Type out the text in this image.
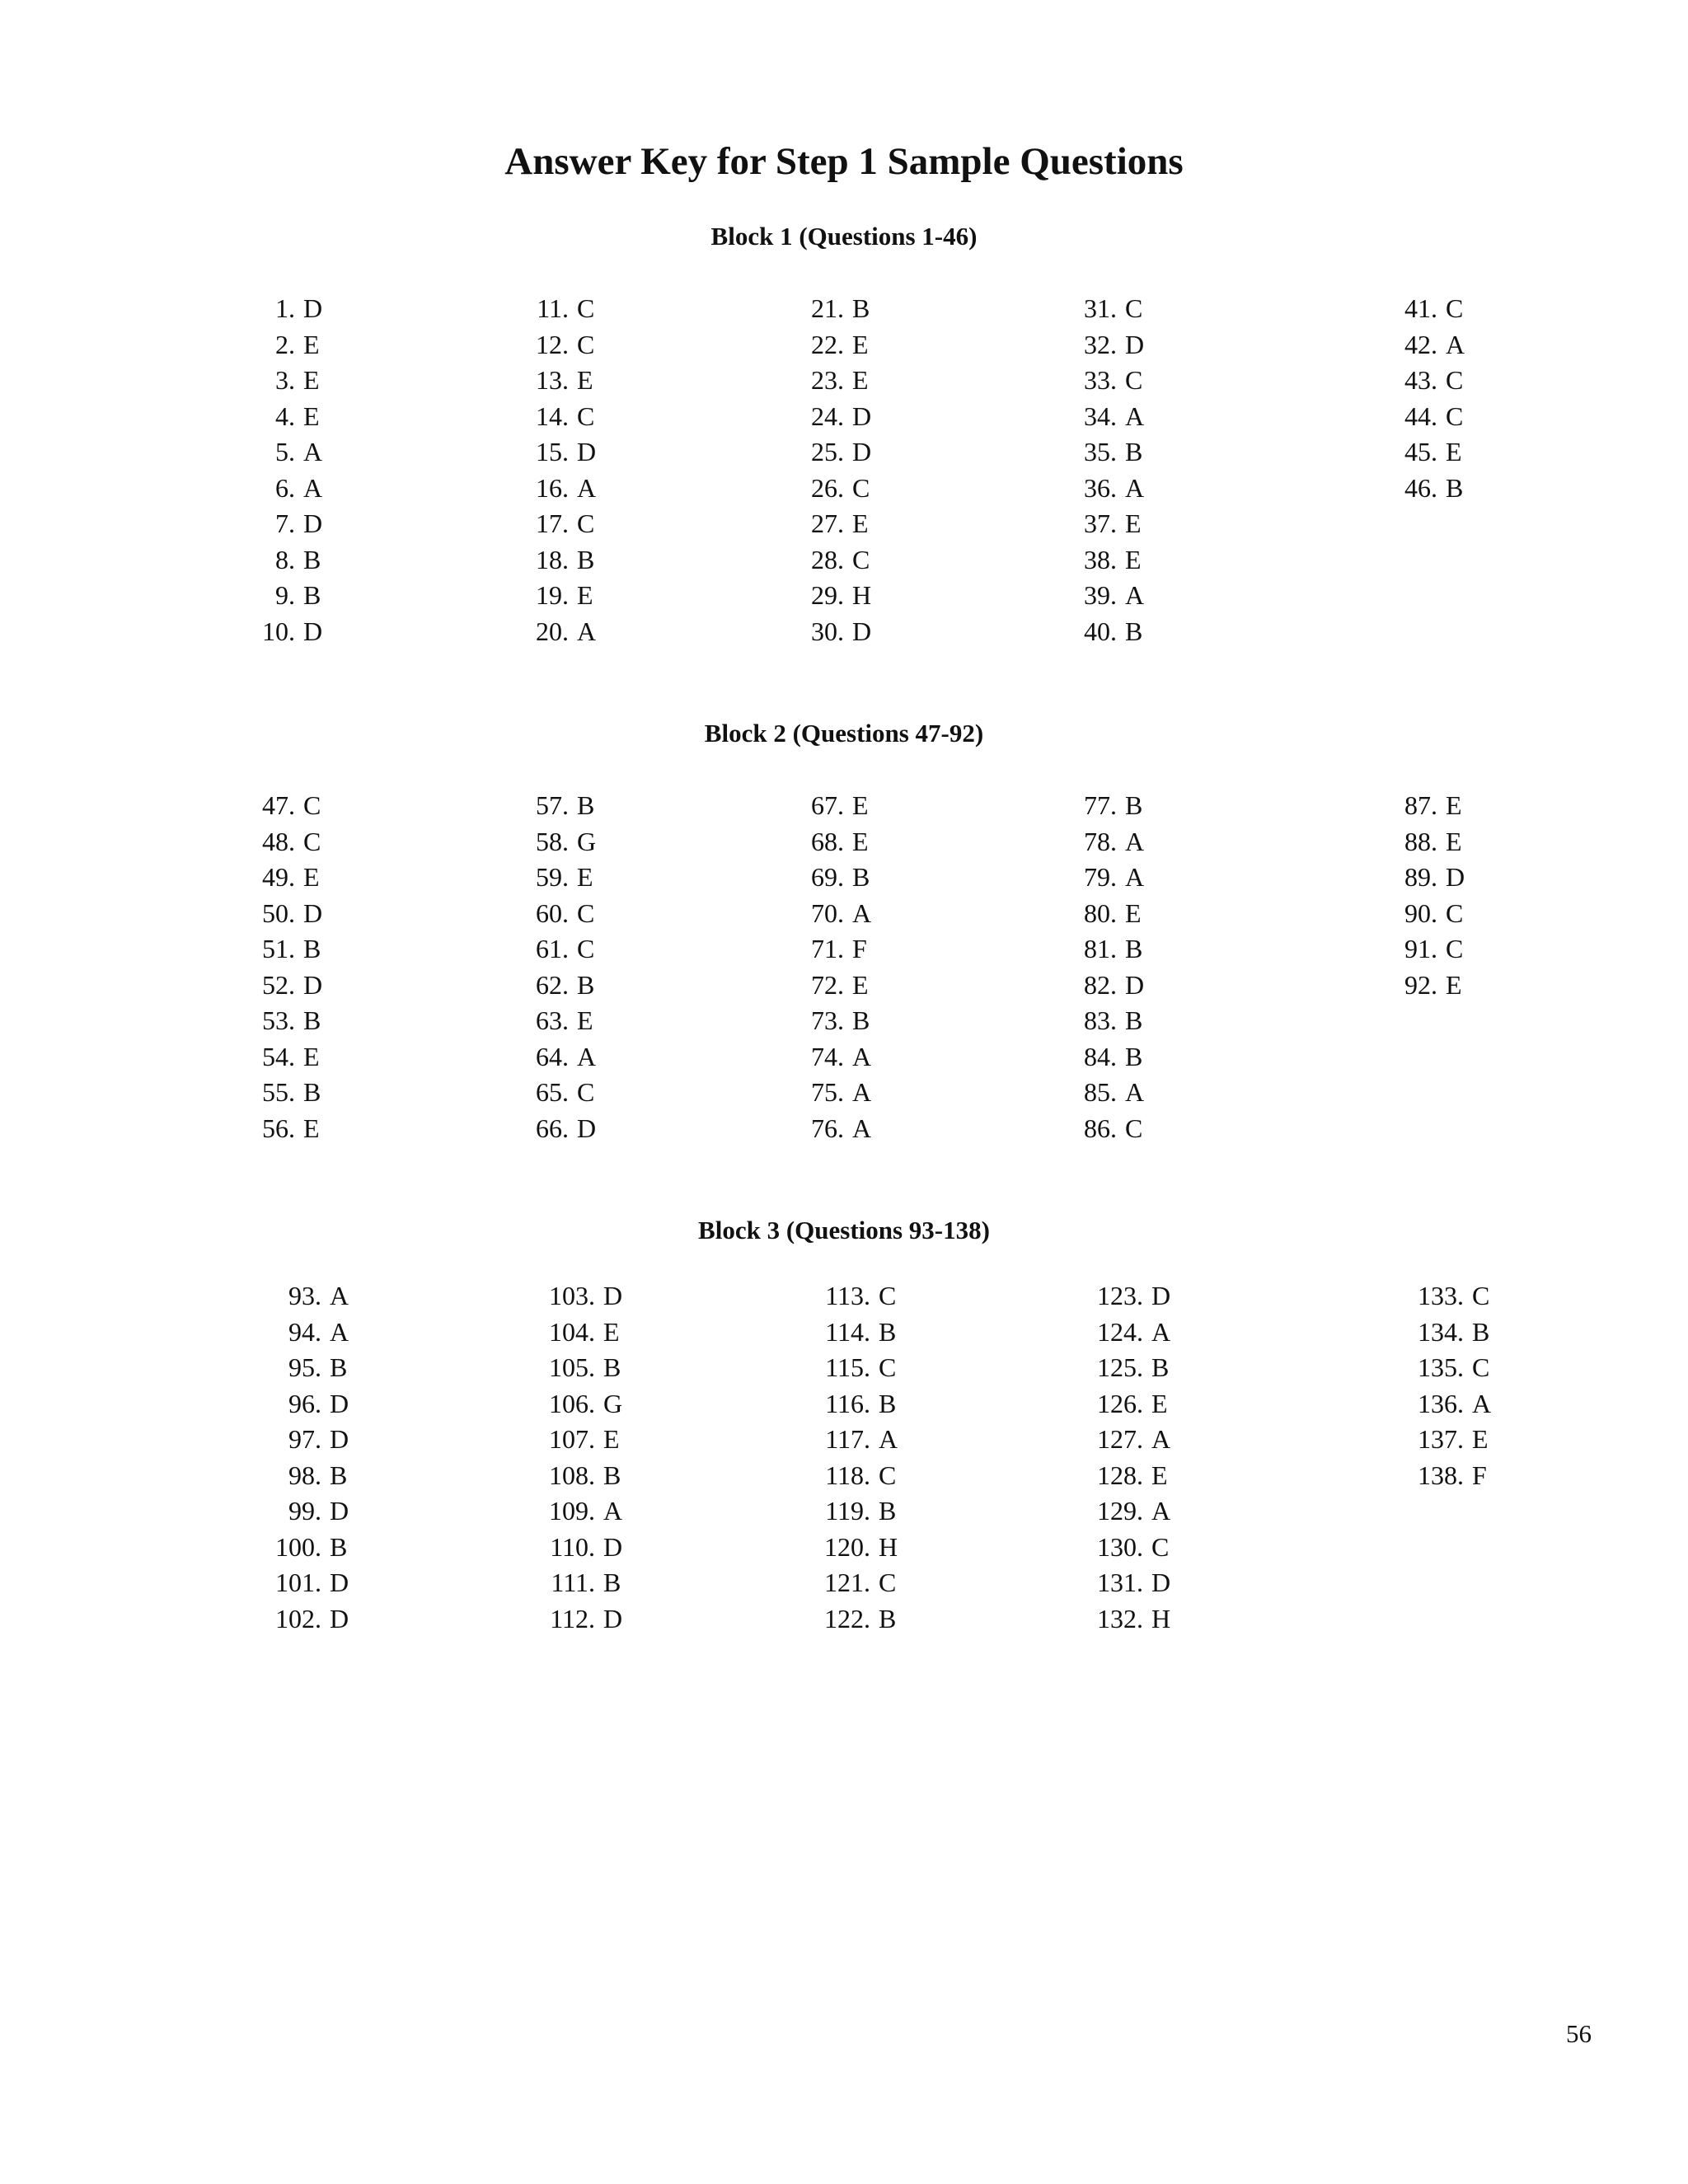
Answer Key for Step 1 Sample Questions
Block 1 (Questions 1-46)
1. D
2. E
3. E
4. E
5. A
6. A
7. D
8. B
9. B
10. D
11. C
12. C
13. E
14. C
15. D
16. A
17. C
18. B
19. E
20. A
21. B
22. E
23. E
24. D
25. D
26. C
27. E
28. C
29. H
30. D
31. C
32. D
33. C
34. A
35. B
36. A
37. E
38. E
39. A
40. B
41. C
42. A
43. C
44. C
45. E
46. B
Block 2 (Questions 47-92)
47. C
48. C
49. E
50. D
51. B
52. D
53. B
54. E
55. B
56. E
57. B
58. G
59. E
60. C
61. C
62. B
63. E
64. A
65. C
66. D
67. E
68. E
69. B
70. A
71. F
72. E
73. B
74. A
75. A
76. A
77. B
78. A
79. A
80. E
81. B
82. D
83. B
84. B
85. A
86. C
87. E
88. E
89. D
90. C
91. C
92. E
Block 3 (Questions 93-138)
93. A
94. A
95. B
96. D
97. D
98. B
99. D
100. B
101. D
102. D
103. D
104. E
105. B
106. G
107. E
108. B
109. A
110. D
111. B
112. D
113. C
114. B
115. C
116. B
117. A
118. C
119. B
120. H
121. C
122. B
123. D
124. A
125. B
126. E
127. A
128. E
129. A
130. C
131. D
132. H
133. C
134. B
135. C
136. A
137. E
138. F
56
